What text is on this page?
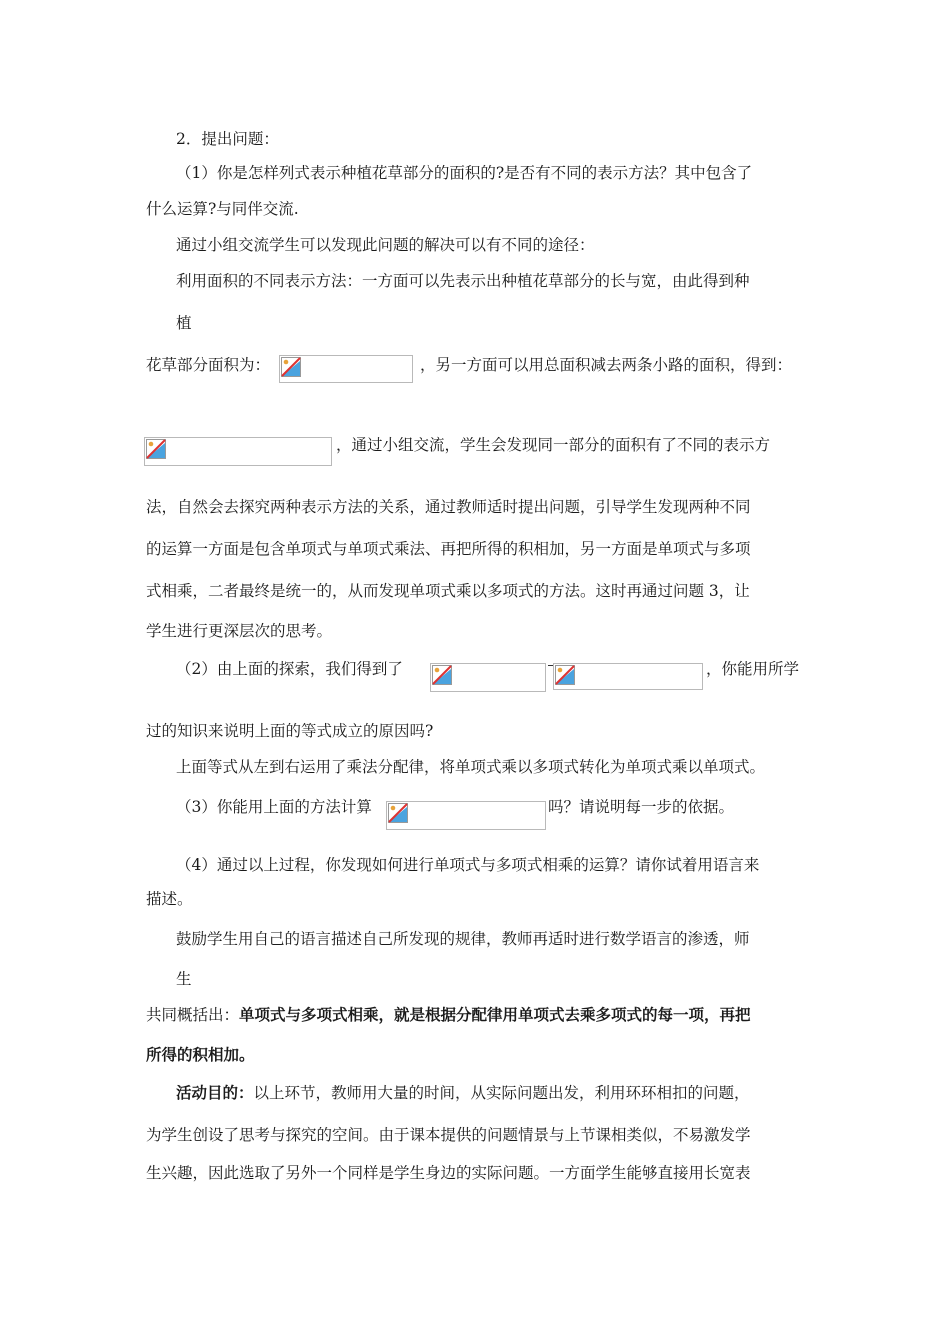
2．提出问题：
（1）你是怎样列式表示种植花草部分的面积的?是否有不同的表示方法？其中包含了
什么运算?与同伴交流.
通过小组交流学生可以发现此问题的解决可以有不同的途径：
利用面积的不同表示方法：一方面可以先表示出种植花草部分的长与宽，由此得到种
植
花草部分面积为：	，另一方面可以用总面积减去两条小路的面积，得到：
，通过小组交流，学生会发现同一部分的面积有了不同的表示方
法，自然会去探究两种表示方法的关系，通过教师适时提出问题，引导学生发现两种不同
的运算一方面是包含单项式与单项式乘法、再把所得的积相加，另一方面是单项式与多项
式相乘，二者最终是统一的，从而发现单项式乘以多项式的方法。这时再通过问题 3，让
学生进行更深层次的思考。
（2）由上面的探索，我们得到了	，你能用所学
过的知识来说明上面的等式成立的原因吗?
上面等式从左到右运用了乘法分配律，将单项式乘以多项式转化为单项式乘以单项式。
（3）你能用上面的方法计算	吗？请说明每一步的依据。
（4）通过以上过程，你发现如何进行单项式与多项式相乘的运算？请你试着用语言来
描述。
鼓励学生用自己的语言描述自己所发现的规律，教师再适时进行数学语言的渗透，师
生
共同概括出：单项式与多项式相乘，就是根据分配律用单项式去乘多项式的每一项，再把
所得的积相加。
活动目的：以上环节，教师用大量的时间，从实际问题出发，利用环环相扣的问题，
为学生创设了思考与探究的空间。由于课本提供的问题情景与上节课相类似，不易激发学
生兴趣，因此选取了另外一个同样是学生身边的实际问题。一方面学生能够直接用长宽表
